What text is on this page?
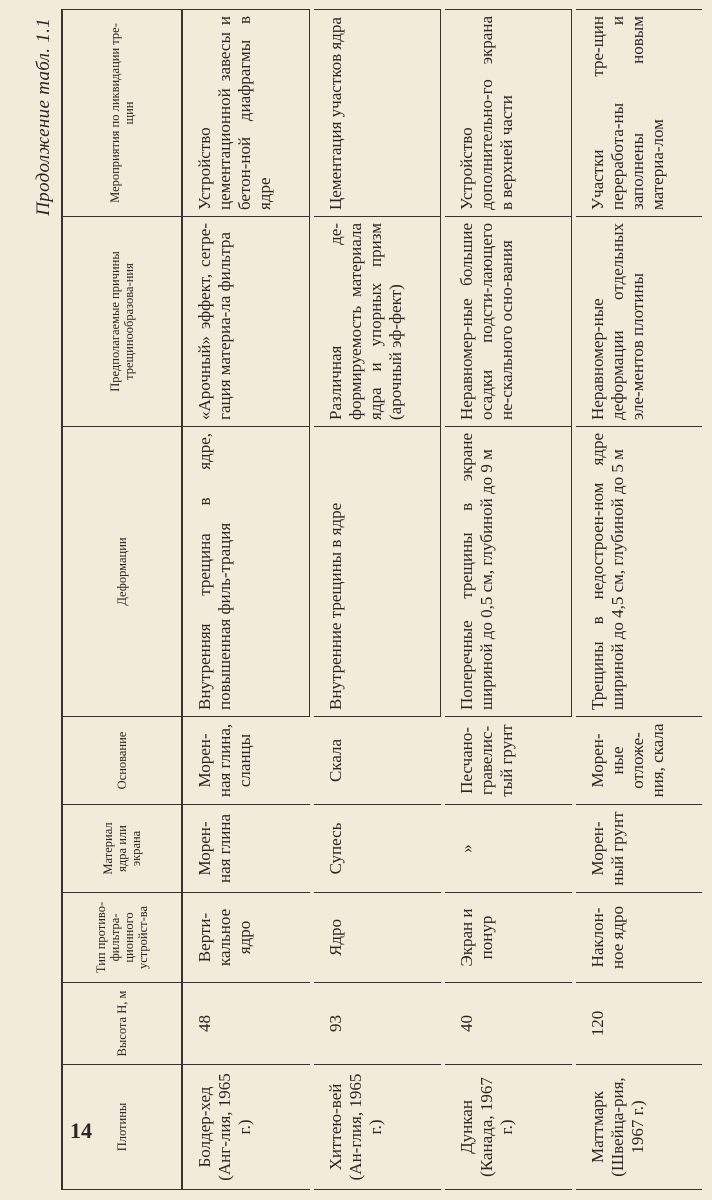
14
Продолжение табл. 1.1
Плотины	Высота H, м	Тип противо-фильтра-ционного устройст-ва	Материал ядра или экрана	Основание	Деформации	Предполагаемые причины трещинообразова-ния	Мероприятия по ликвидации тре-щин
Болдер-хед (Анг-лия, 1965 г.)	48	Верти-кальное ядро	Морен-ная глина	Морен-ная глина, сланцы	Внутренняя трещина в ядре, повышенная филь-трация	«Арочный» эффект, сегре-гация материа-ла фильтра	Устройство цементационной завесы и бетон-ной диафрагмы в ядре

Хиттею-вей (Ан-глия, 1965 г.)	93	Ядро	Супесь	Скала	Внутренние трещины в ядре	Различная де-формируемость материала ядра и упорных призм (арочный эф-фект)	Цементация участков ядра

Дункан (Канада, 1967 г.)	40	Экран и понур	»	Песчано-гравелис-тый грунт	Поперечные трещины в экране шириной до 0,5 см, глубиной до 9 м	Неравномер-ные большие осадки подсти-лающего не-скального осно-вания	Устройство дополнительно-го экрана в верхней части

Маттмарк (Швейца-рия, 1967 г.)	120	Наклон-ное ядро	Морен-ный грунт	Морен-ные отложе-ния, скала	Трещины в недостроен-ном ядре шириной до 4,5 см, глубиной до 5 м	Неравномер-ные деформации отдельных эле-ментов плотины	Участки тре-щин переработа-ны и заполнены новым материа-лом
